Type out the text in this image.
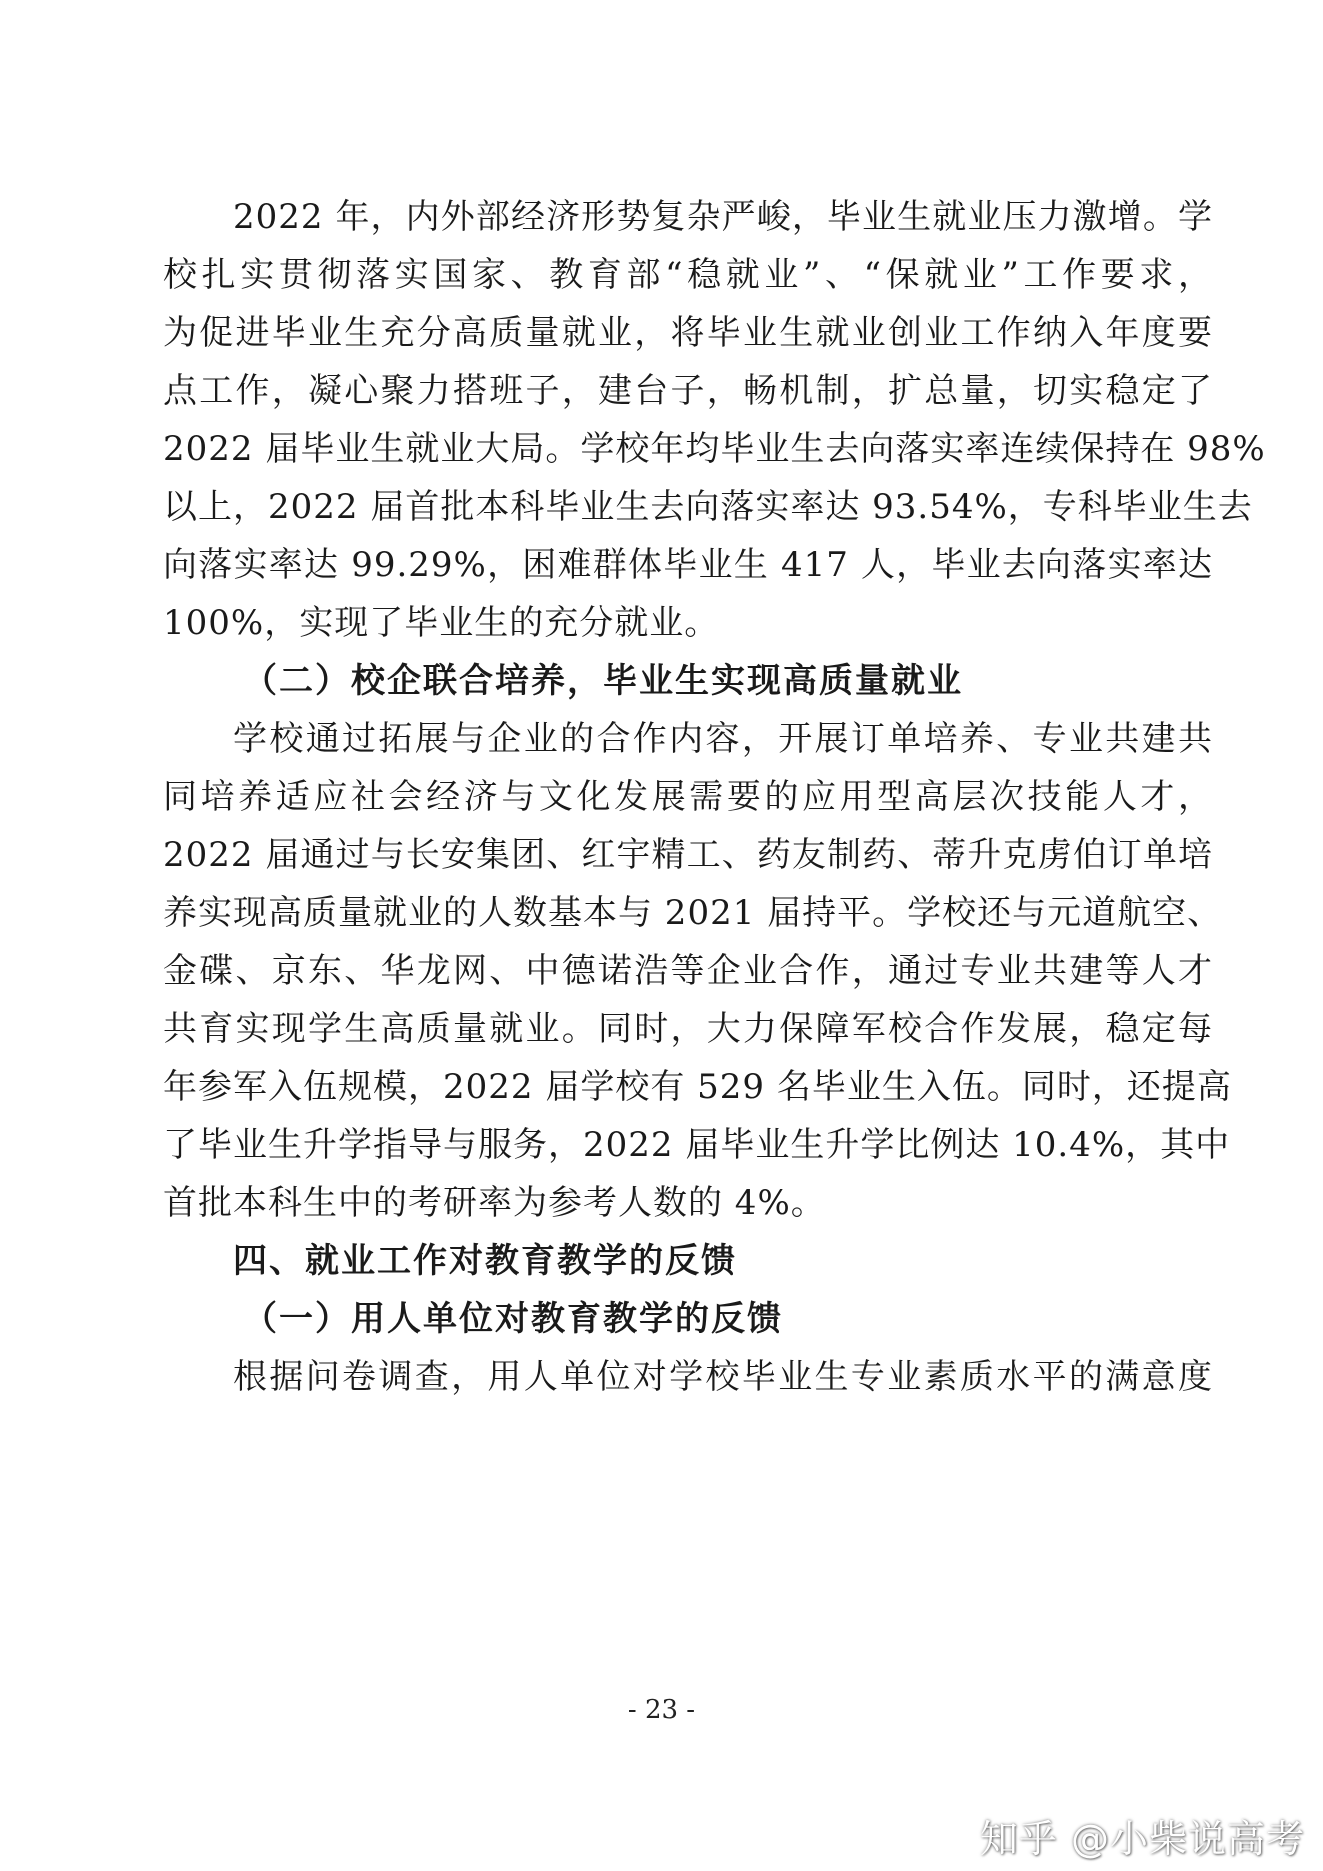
2022 年，内外部经济形势复杂严峻，毕业生就业压力激增。学
校扎实贯彻落实国家、教育部“稳就业”、“保就业”工作要求，
为促进毕业生充分高质量就业，将毕业生就业创业工作纳入年度要
点工作，凝心聚力搭班子，建台子，畅机制，扩总量，切实稳定了
2022 届毕业生就业大局。学校年均毕业生去向落实率连续保持在 98%
以上，2022 届首批本科毕业生去向落实率达 93.54%，专科毕业生去
向落实率达 99.29%，困难群体毕业生 417 人，毕业去向落实率达
100%，实现了毕业生的充分就业。
（二）校企联合培养，毕业生实现高质量就业
学校通过拓展与企业的合作内容，开展订单培养、专业共建共
同培养适应社会经济与文化发展需要的应用型高层次技能人才，
2022 届通过与长安集团、红宇精工、药友制药、蒂升克虏伯订单培
养实现高质量就业的人数基本与 2021 届持平。学校还与元道航空、
金碟、京东、华龙网、中德诺浩等企业合作，通过专业共建等人才
共育实现学生高质量就业。同时，大力保障军校合作发展，稳定每
年参军入伍规模，2022 届学校有 529 名毕业生入伍。同时，还提高
了毕业生升学指导与服务，2022 届毕业生升学比例达 10.4%，其中
首批本科生中的考研率为参考人数的 4%。
四、就业工作对教育教学的反馈
（一）用人单位对教育教学的反馈
根据问卷调查，用人单位对学校毕业生专业素质水平的满意度
- 23 -
知乎 @小柴说高考
